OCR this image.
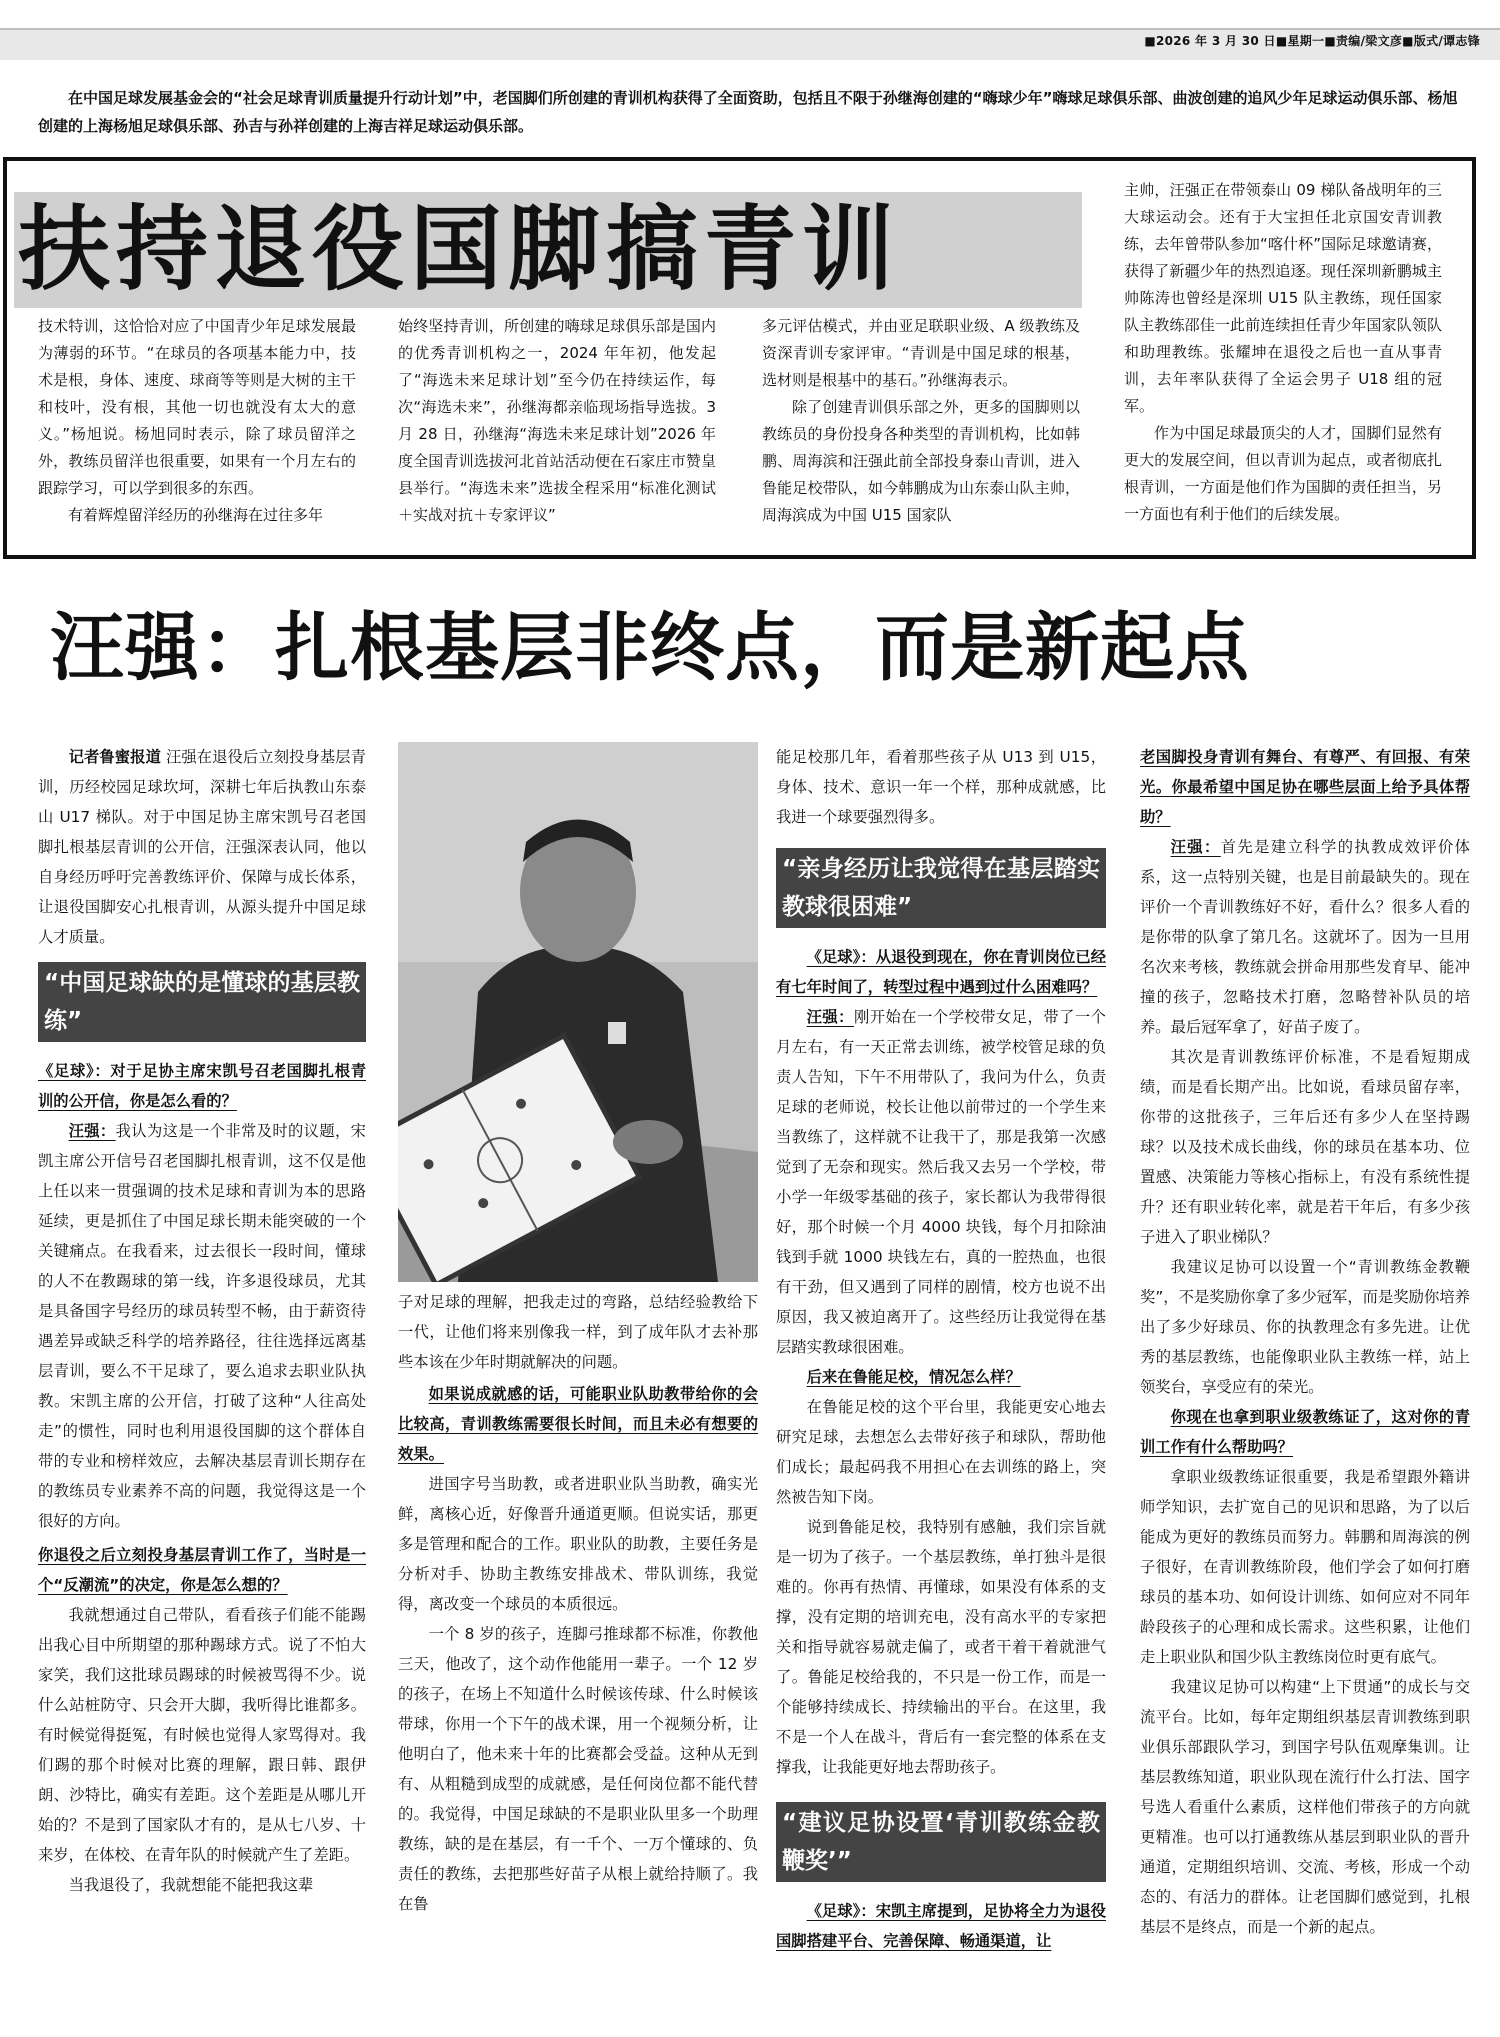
■2026 年 3 月 30 日■星期一■责编/梁文彦■版式/谭志锋
在中国足球发展基金会的“社会足球青训质量提升行动计划”中，老国脚们所创建的青训机构获得了全面资助，包括且不限于孙继海创建的“嗨球少年”嗨球足球俱乐部、曲波创建的追风少年足球运动俱乐部、杨旭创建的上海杨旭足球俱乐部、孙吉与孙祥创建的上海吉祥足球运动俱乐部。
扶持退役国脚搞青训

技术特训，这恰恰对应了中国青少年足球发展最为薄弱的环节。“在球员的各项基本能力中，技术是根，身体、速度、球商等等则是大树的主干和枝叶，没有根，其他一切也就没有太大的意义。”杨旭说。杨旭同时表示，除了球员留洋之外，教练员留洋也很重要，如果有一个月左右的跟踪学习，可以学到很多的东西。

有着辉煌留洋经历的孙继海在过往多年

始终坚持青训，所创建的嗨球足球俱乐部是国内的优秀青训机构之一，2024 年年初，他发起了“海选未来足球计划”至今仍在持续运作，每次“海选未来”，孙继海都亲临现场指导选拔。3 月 28 日，孙继海“海选未来足球计划”2026 年度全国青训选拔河北首站活动便在石家庄市赞皇县举行。“海选未来”选拔全程采用“标准化测试＋实战对抗＋专家评议”

多元评估模式，并由亚足联职业级、A 级教练及资深青训专家评审。“青训是中国足球的根基，选材则是根基中的基石。”孙继海表示。

除了创建青训俱乐部之外，更多的国脚则以教练员的身份投身各种类型的青训机构，比如韩鹏、周海滨和汪强此前全部投身泰山青训，进入鲁能足校带队，如今韩鹏成为山东泰山队主帅，周海滨成为中国 U15 国家队

主帅，汪强正在带领泰山 09 梯队备战明年的三大球运动会。还有于大宝担任北京国安青训教练，去年曾带队参加“喀什杯”国际足球邀请赛，获得了新疆少年的热烈追逐。现任深圳新鹏城主帅陈涛也曾经是深圳 U15 队主教练，现任国家队主教练邵佳一此前连续担任青少年国家队领队和助理教练。张耀坤在退役之后也一直从事青训，去年率队获得了全运会男子 U18 组的冠军。

作为中国足球最顶尖的人才，国脚们显然有更大的发展空间，但以青训为起点，或者彻底扎根青训，一方面是他们作为国脚的责任担当，另一方面也有利于他们的后续发展。

汪强：扎根基层非终点，而是新起点

记者鲁蜜报道 汪强在退役后立刻投身基层青训，历经校园足球坎坷，深耕七年后执教山东泰山 U17 梯队。对于中国足协主席宋凯号召老国脚扎根基层青训的公开信，汪强深表认同，他以自身经历呼吁完善教练评价、保障与成长体系，让退役国脚安心扎根青训，从源头提升中国足球人才质量。

“中国足球缺的是懂球的基层教练”

《足球》：对于足协主席宋凯号召老国脚扎根青训的公开信，你是怎么看的？

汪强：我认为这是一个非常及时的议题，宋凯主席公开信号召老国脚扎根青训，这不仅是他上任以来一贯强调的技术足球和青训为本的思路延续，更是抓住了中国足球长期未能突破的一个关键痛点。在我看来，过去很长一段时间，懂球的人不在教踢球的第一线，许多退役球员，尤其是具备国字号经历的球员转型不畅，由于薪资待遇差异或缺乏科学的培养路径，往往选择远离基层青训，要么不干足球了，要么追求去职业队执教。宋凯主席的公开信，打破了这种“人往高处走”的惯性，同时也利用退役国脚的这个群体自带的专业和榜样效应，去解决基层青训长期存在的教练员专业素养不高的问题，我觉得这是一个很好的方向。

你退役之后立刻投身基层青训工作了，当时是一个“反潮流”的决定，你是怎么想的？

我就想通过自己带队，看看孩子们能不能踢出我心目中所期望的那种踢球方式。说了不怕大家笑，我们这批球员踢球的时候被骂得不少。说什么站桩防守、只会开大脚，我听得比谁都多。有时候觉得挺冤，有时候也觉得人家骂得对。我们踢的那个时候对比赛的理解，跟日韩、跟伊朗、沙特比，确实有差距。这个差距是从哪儿开始的？不是到了国家队才有的，是从七八岁、十来岁，在体校、在青年队的时候就产生了差距。

当我退役了，我就想能不能把我这辈

子对足球的理解，把我走过的弯路，总结经验教给下一代，让他们将来别像我一样，到了成年队才去补那些本该在少年时期就解决的问题。

如果说成就感的话，可能职业队助教带给你的会比较高，青训教练需要很长时间，而且未必有想要的效果。

进国字号当助教，或者进职业队当助教，确实光鲜，离核心近，好像晋升通道更顺。但说实话，那更多是管理和配合的工作。职业队的助教，主要任务是分析对手、协助主教练安排战术、带队训练，我觉得，离改变一个球员的本质很远。

一个 8 岁的孩子，连脚弓推球都不标准，你教他三天，他改了，这个动作他能用一辈子。一个 12 岁的孩子，在场上不知道什么时候该传球、什么时候该带球，你用一个下午的战术课，用一个视频分析，让他明白了，他未来十年的比赛都会受益。这种从无到有、从粗糙到成型的成就感，是任何岗位都不能代替的。我觉得，中国足球缺的不是职业队里多一个助理教练，缺的是在基层，有一千个、一万个懂球的、负责任的教练，去把那些好苗子从根上就给持顺了。我在鲁

能足校那几年，看着那些孩子从 U13 到 U15，身体、技术、意识一年一个样，那种成就感，比我进一个球要强烈得多。

“亲身经历让我觉得在基层踏实教球很困难”

《足球》：从退役到现在，你在青训岗位已经有七年时间了，转型过程中遇到过什么困难吗？

汪强：刚开始在一个学校带女足，带了一个月左右，有一天正常去训练，被学校管足球的负责人告知，下午不用带队了，我问为什么，负责足球的老师说，校长让他以前带过的一个学生来当教练了，这样就不让我干了，那是我第一次感觉到了无奈和现实。然后我又去另一个学校，带小学一年级零基础的孩子，家长都认为我带得很好，那个时候一个月 4000 块钱，每个月扣除油钱到手就 1000 块钱左右，真的一腔热血，也很有干劲，但又遇到了同样的剧情，校方也说不出原因，我又被迫离开了。这些经历让我觉得在基层踏实教球很困难。

后来在鲁能足校，情况怎么样？

在鲁能足校的这个平台里，我能更安心地去研究足球，去想怎么去带好孩子和球队，帮助他们成长；最起码我不用担心在去训练的路上，突然被告知下岗。

说到鲁能足校，我特别有感触，我们宗旨就是一切为了孩子。一个基层教练，单打独斗是很难的。你再有热情、再懂球，如果没有体系的支撑，没有定期的培训充电，没有高水平的专家把关和指导就容易就走偏了，或者干着干着就泄气了。鲁能足校给我的，不只是一份工作，而是一个能够持续成长、持续输出的平台。在这里，我不是一个人在战斗，背后有一套完整的体系在支撑我，让我能更好地去帮助孩子。

“建议足协设置‘青训教练金教鞭奖’”

《足球》：宋凯主席提到，足协将全力为退役国脚搭建平台、完善保障、畅通渠道，让

老国脚投身青训有舞台、有尊严、有回报、有荣光。你最希望中国足协在哪些层面上给予具体帮助？

汪强：首先是建立科学的执教成效评价体系，这一点特别关键，也是目前最缺失的。现在评价一个青训教练好不好，看什么？很多人看的是你带的队拿了第几名。这就坏了。因为一旦用名次来考核，教练就会拼命用那些发育早、能冲撞的孩子，忽略技术打磨，忽略替补队员的培养。最后冠军拿了，好苗子废了。

其次是青训教练评价标准，不是看短期成绩，而是看长期产出。比如说，看球员留存率，你带的这批孩子，三年后还有多少人在坚持踢球？以及技术成长曲线，你的球员在基本功、位置感、决策能力等核心指标上，有没有系统性提升？还有职业转化率，就是若干年后，有多少孩子进入了职业梯队？

我建议足协可以设置一个“青训教练金教鞭奖”，不是奖励你拿了多少冠军，而是奖励你培养出了多少好球员、你的执教理念有多先进。让优秀的基层教练，也能像职业队主教练一样，站上领奖台，享受应有的荣光。

你现在也拿到职业级教练证了，这对你的青训工作有什么帮助吗？

拿职业级教练证很重要，我是希望跟外籍讲师学知识，去扩宽自己的见识和思路，为了以后能成为更好的教练员而努力。韩鹏和周海滨的例子很好，在青训教练阶段，他们学会了如何打磨球员的基本功、如何设计训练、如何应对不同年龄段孩子的心理和成长需求。这些积累，让他们走上职业队和国少队主教练岗位时更有底气。

我建议足协可以构建“上下贯通”的成长与交流平台。比如，每年定期组织基层青训教练到职业俱乐部跟队学习，到国字号队伍观摩集训。让基层教练知道，职业队现在流行什么打法、国字号选人看重什么素质，这样他们带孩子的方向就更精准。也可以打通教练从基层到职业队的晋升通道，定期组织培训、交流、考核，形成一个动态的、有活力的群体。让老国脚们感觉到，扎根基层不是终点，而是一个新的起点。
